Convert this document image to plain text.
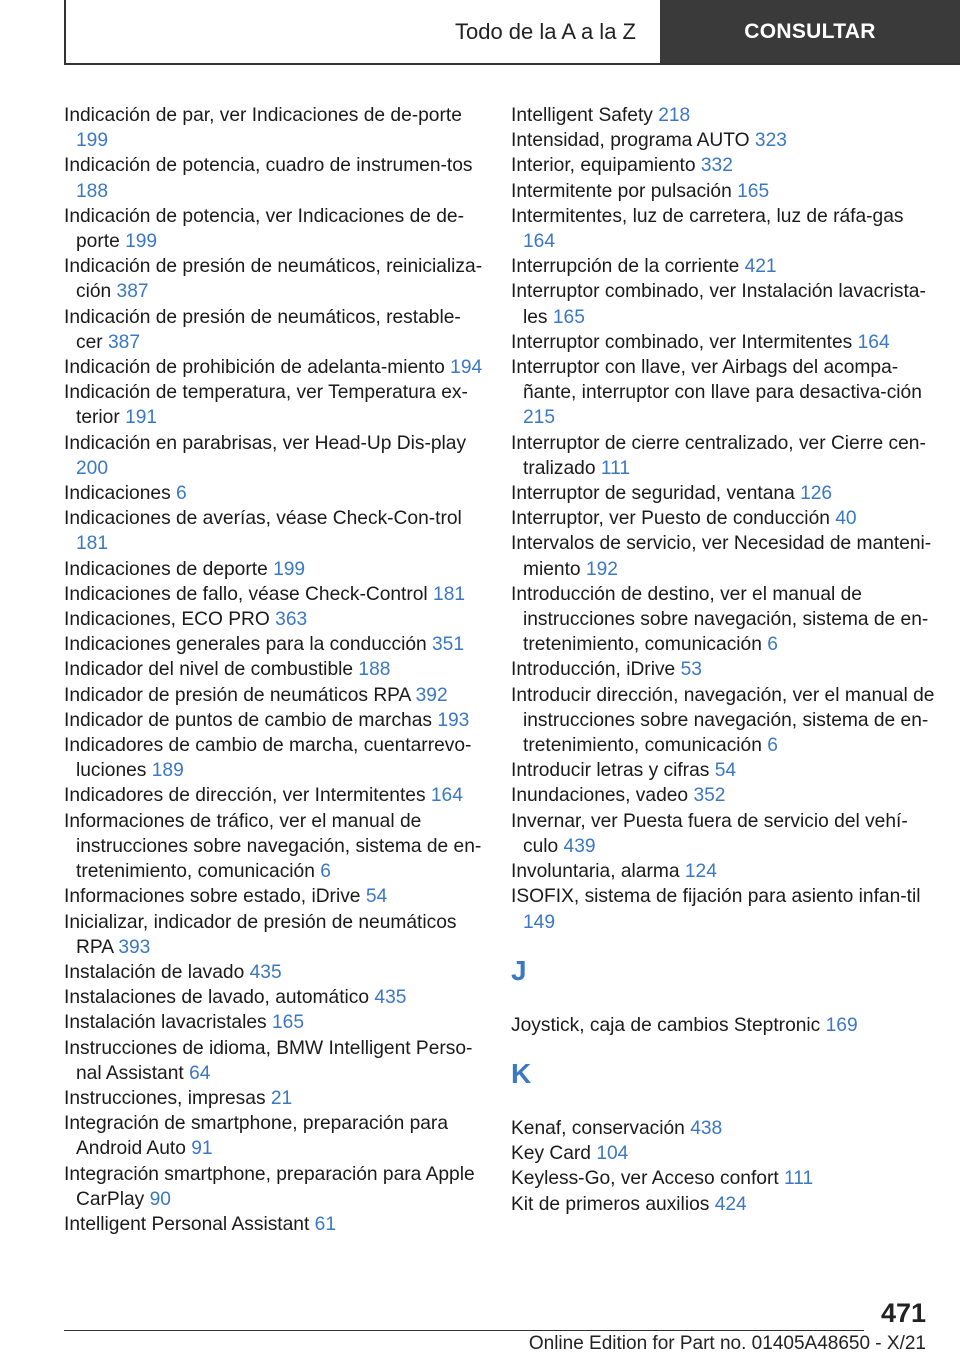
Todo de la A a la Z	CONSULTAR

Indicación de par, ver Indicaciones de de-porte 199

Indicación de potencia, cuadro de instrumen-tos 188

Indicación de potencia, ver Indicaciones de de-porte 199

Indicación de presión de neumáticos, reinicializa-ción 387

Indicación de presión de neumáticos, restable-cer 387

Indicación de prohibición de adelanta-miento 194

Indicación de temperatura, ver Temperatura ex-terior 191

Indicación en parabrisas, ver Head-Up Dis-play 200

Indicaciones 6

Indicaciones de averías, véase Check-Con-trol 181

Indicaciones de deporte 199

Indicaciones de fallo, véase Check-Control 181

Indicaciones, ECO PRO 363

Indicaciones generales para la conducción 351

Indicador del nivel de combustible 188

Indicador de presión de neumáticos RPA 392

Indicador de puntos de cambio de marchas 193

Indicadores de cambio de marcha, cuentarrevo-luciones 189

Indicadores de dirección, ver Intermitentes 164

Informaciones de tráfico, ver el manual de instrucciones sobre navegación, sistema de en-tretenimiento, comunicación 6

Informaciones sobre estado, iDrive 54

Inicializar, indicador de presión de neumáticos RPA 393

Instalación de lavado 435

Instalaciones de lavado, automático 435

Instalación lavacristales 165

Instrucciones de idioma, BMW Intelligent Perso-nal Assistant 64

Instrucciones, impresas 21

Integración de smartphone, preparación para Android Auto 91

Integración smartphone, preparación para Apple CarPlay 90

Intelligent Personal Assistant 61

Intelligent Safety 218

Intensidad, programa AUTO 323

Interior, equipamiento 332

Intermitente por pulsación 165

Intermitentes, luz de carretera, luz de ráfa-gas 164

Interrupción de la corriente 421

Interruptor combinado, ver Instalación lavacrista-les 165

Interruptor combinado, ver Intermitentes 164

Interruptor con llave, ver Airbags del acompa-ñante, interruptor con llave para desactiva-ción 215

Interruptor de cierre centralizado, ver Cierre cen-tralizado 111

Interruptor de seguridad, ventana 126

Interruptor, ver Puesto de conducción 40

Intervalos de servicio, ver Necesidad de manteni-miento 192

Introducción de destino, ver el manual de instrucciones sobre navegación, sistema de en-tretenimiento, comunicación 6

Introducción, iDrive 53

Introducir dirección, navegación, ver el manual de instrucciones sobre navegación, sistema de en-tretenimiento, comunicación 6

Introducir letras y cifras 54

Inundaciones, vadeo 352

Invernar, ver Puesta fuera de servicio del vehí-culo 439

Involuntaria, alarma 124

ISOFIX, sistema de fijación para asiento infan-til 149

J

Joystick, caja de cambios Steptronic 169

K

Kenaf, conservación 438

Key Card 104

Keyless-Go, ver Acceso confort 111

Kit de primeros auxilios 424

471
Online Edition for Part no. 01405A48650 - X/21
